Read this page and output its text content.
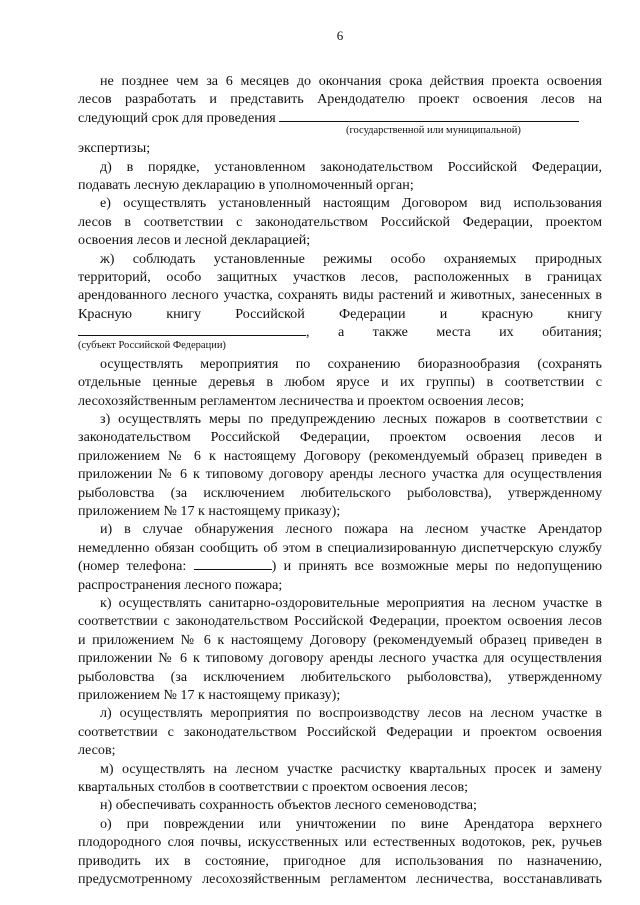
6
не позднее чем за 6 месяцев до окончания срока действия проекта освоения
лесов разработать и представить Арендодателю проект освоения лесов на
следующий срок для проведения
(государственной или муниципальной)
экспертизы;
д) в порядке, установленном законодательством Российской Федерации,
подавать лесную декларацию в уполномоченный орган;
е) осуществлять установленный настоящим Договором вид использования
лесов в соответствии с законодательством Российской Федерации, проектом
освоения лесов и лесной декларацией;
ж) соблюдать установленные режимы особо охраняемых природных
территорий, особо защитных участков лесов, расположенных в границах
арендованного лесного участка, сохранять виды растений и животных, занесенных в
Красную книгу Российской Федерации и красную книгу
, а также места их обитания;
(субъект Российской Федерации)
осуществлять мероприятия по сохранению биоразнообразия (сохранять
отдельные ценные деревья в любом ярусе и их группы) в соответствии с
лесохозяйственным регламентом лесничества и проектом освоения лесов;
з) осуществлять меры по предупреждению лесных пожаров в соответствии с
законодательством Российской Федерации, проектом освоения лесов и
приложением № 6 к настоящему Договору (рекомендуемый образец приведен в
приложении № 6 к типовому договору аренды лесного участка для осуществления
рыболовства (за исключением любительского рыболовства), утвержденному
приложением № 17 к настоящему приказу);
и) в случае обнаружения лесного пожара на лесном участке Арендатор
немедленно обязан сообщить об этом в специализированную диспетчерскую службу
(номер телефона:	) и принять все возможные меры по недопущению
распространения лесного пожара;
к) осуществлять санитарно-оздоровительные мероприятия на лесном участке в
соответствии с законодательством Российской Федерации, проектом освоения лесов
и приложением № 6 к настоящему Договору (рекомендуемый образец приведен в
приложении № 6 к типовому договору аренды лесного участка для осуществления
рыболовства (за исключением любительского рыболовства), утвержденному
приложением № 17 к настоящему приказу);
л) осуществлять мероприятия по воспроизводству лесов на лесном участке в
соответствии с законодательством Российской Федерации и проектом освоения
лесов;
м) осуществлять на лесном участке расчистку квартальных просек и замену
квартальных столбов в соответствии с проектом освоения лесов;
н) обеспечивать сохранность объектов лесного семеноводства;
о) при повреждении или уничтожении по вине Арендатора верхнего
плодородного слоя почвы, искусственных или естественных водотоков, рек, ручьев
приводить их в состояние, пригодное для использования по назначению,
предусмотренному лесохозяйственным регламентом лесничества, восстанавливать
